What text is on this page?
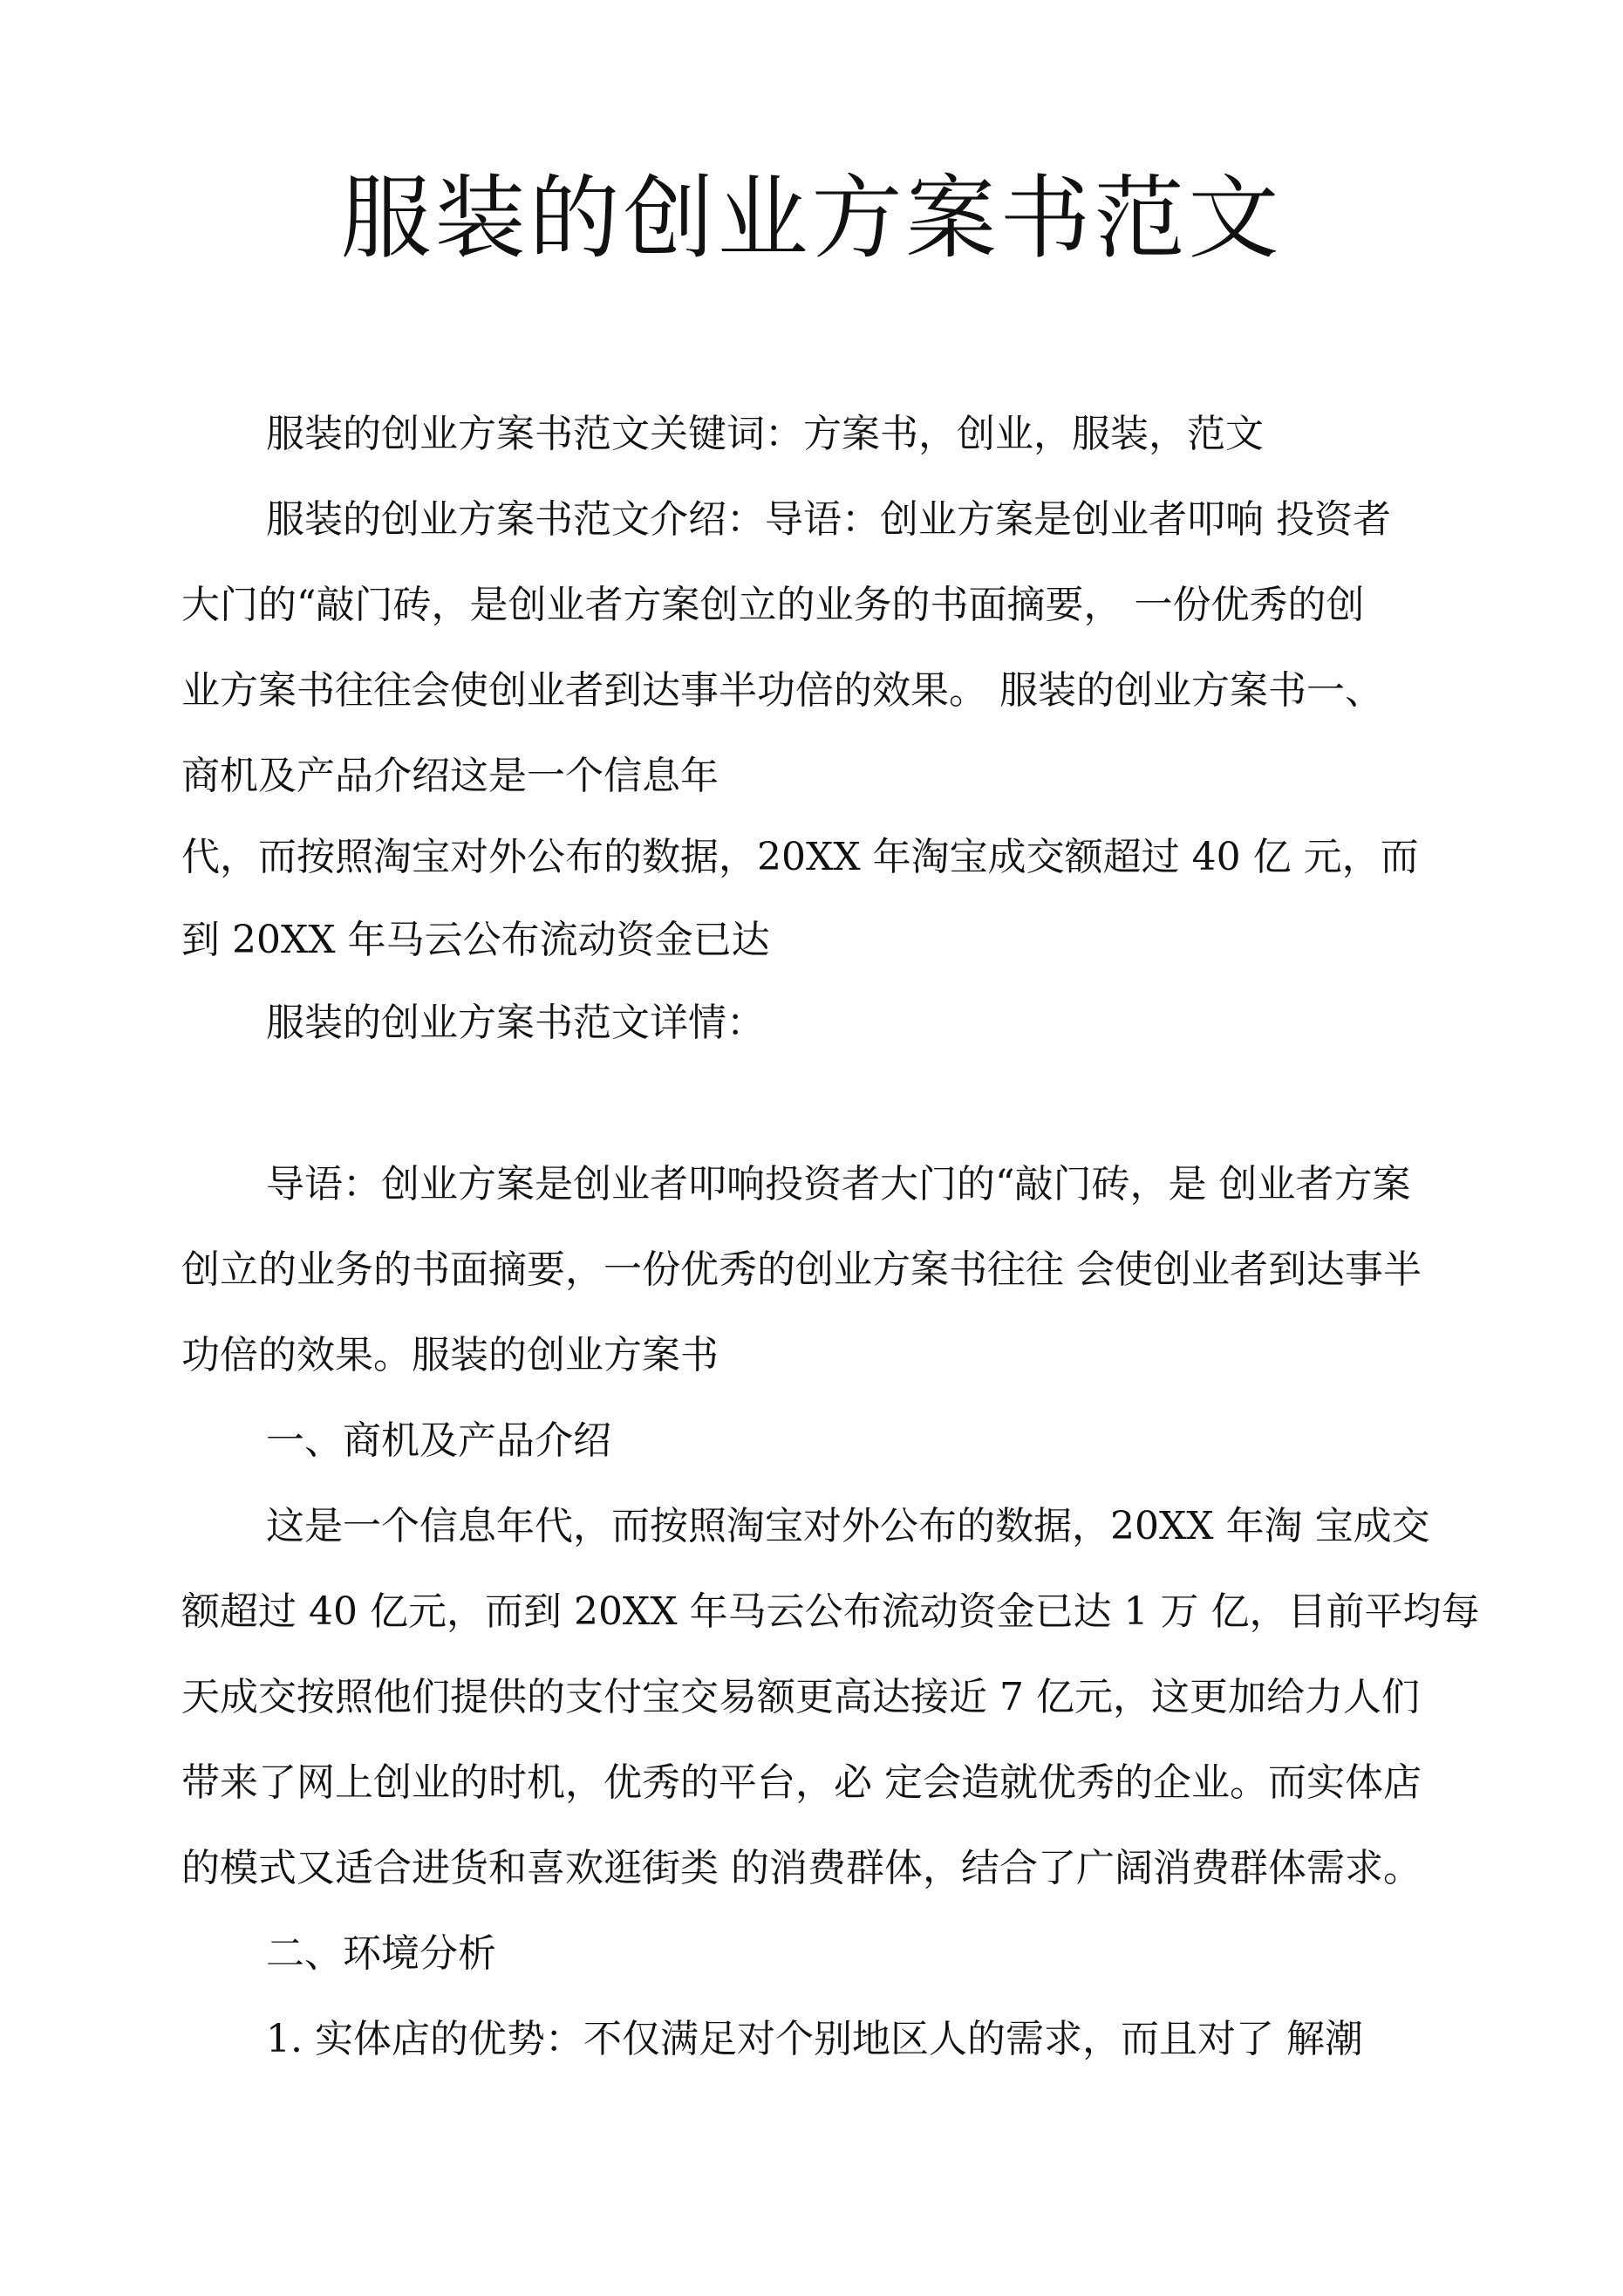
服装的创业方案书范文

服装的创业方案书范文关键词：方案书，创业，服装，范文

服装的创业方案书范文介绍：导语：创业方案是创业者叩响 投资者

大门的“敲门砖，是创业者方案创立的业务的书面摘要， 一份优秀的创

业方案书往往会使创业者到达事半功倍的效果。 服装的创业方案书一、

商机及产品介绍这是一个信息年

代，而按照淘宝对外公布的数据，20XX 年淘宝成交额超过 40 亿 元，而

到 20XX 年马云公布流动资金已达

服装的创业方案书范文详情：

导语：创业方案是创业者叩响投资者大门的“敲门砖，是 创业者方案

创立的业务的书面摘要，一份优秀的创业方案书往往 会使创业者到达事半

功倍的效果。服装的创业方案书

一、商机及产品介绍

这是一个信息年代，而按照淘宝对外公布的数据，20XX 年淘 宝成交

额超过 40 亿元，而到 20XX 年马云公布流动资金已达 1 万 亿，目前平均每

天成交按照他们提供的支付宝交易额更高达接近 7 亿元，这更加给力人们

带来了网上创业的时机，优秀的平台，必 定会造就优秀的企业。而实体店

的模式又适合进货和喜欢逛街类 的消费群体，结合了广阔消费群体需求。

二、环境分析

1. 实体店的优势：不仅满足对个别地区人的需求，而且对了 解潮
